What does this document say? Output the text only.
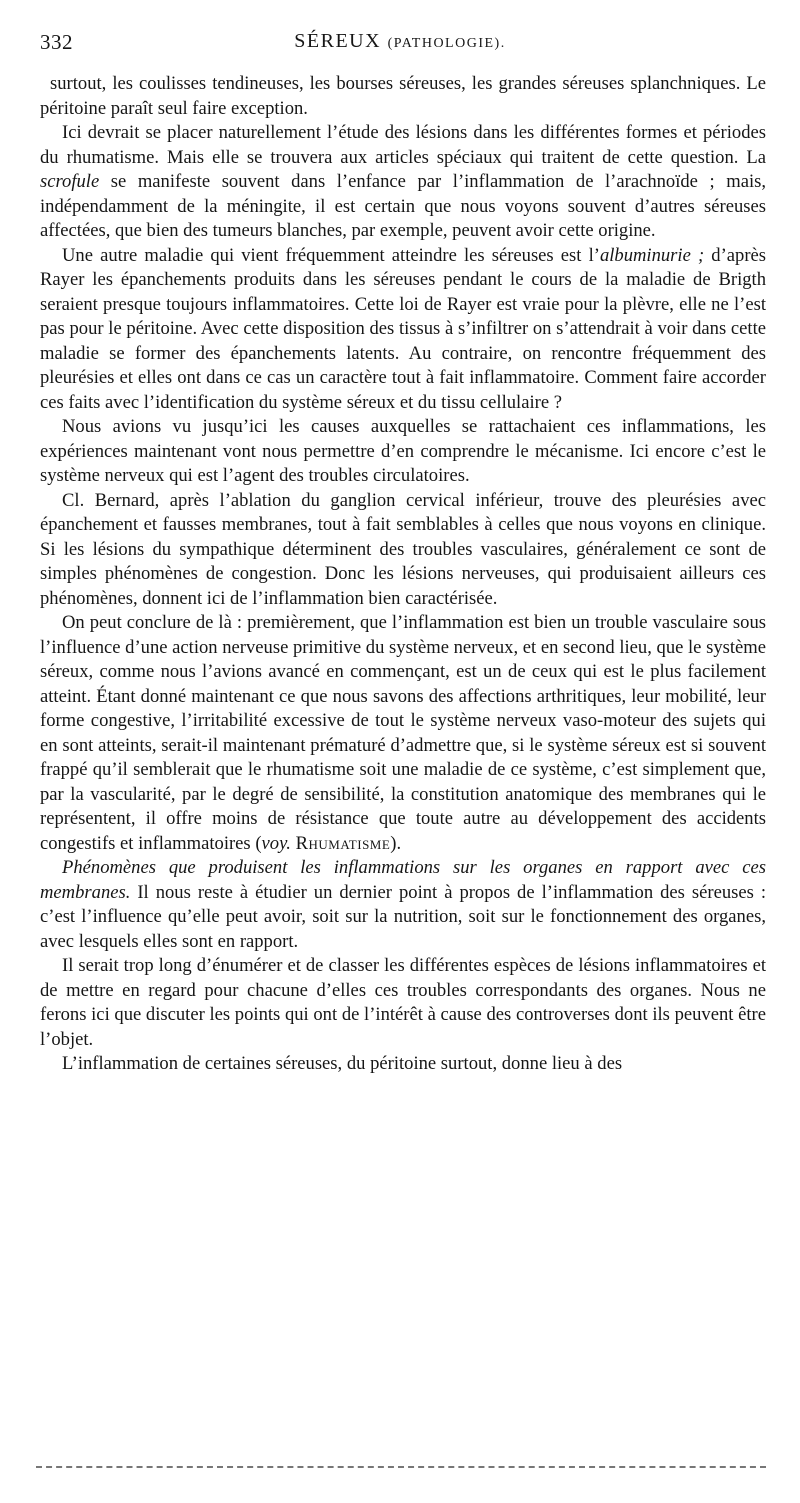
332	SÉREUX (PATHOLOGIE).

surtout, les coulisses tendineuses, les bourses séreuses, les grandes séreuses splanchniques. Le péritoine paraît seul faire exception.

Ici devrait se placer naturellement l’étude des lésions dans les différentes formes et périodes du rhumatisme. Mais elle se trouvera aux articles spéciaux qui traitent de cette question. La scrofule se manifeste souvent dans l’enfance par l’inflammation de l’arachnoïde ; mais, indépendamment de la méningite, il est certain que nous voyons souvent d’autres séreuses affectées, que bien des tumeurs blanches, par exemple, peuvent avoir cette origine.

Une autre maladie qui vient fréquemment atteindre les séreuses est l’albuminurie ; d’après Rayer les épanchements produits dans les séreuses pendant le cours de la maladie de Brigth seraient presque toujours inflammatoires. Cette loi de Rayer est vraie pour la plèvre, elle ne l’est pas pour le péritoine. Avec cette disposition des tissus à s’infiltrer on s’attendrait à voir dans cette maladie se former des épanchements latents. Au contraire, on rencontre fréquemment des pleurésies et elles ont dans ce cas un caractère tout à fait inflammatoire. Comment faire accorder ces faits avec l’identification du système séreux et du tissu cellulaire ?

Nous avions vu jusqu’ici les causes auxquelles se rattachaient ces inflammations, les expériences maintenant vont nous permettre d’en comprendre le mécanisme. Ici encore c’est le système nerveux qui est l’agent des troubles circulatoires.

Cl. Bernard, après l’ablation du ganglion cervical inférieur, trouve des pleurésies avec épanchement et fausses membranes, tout à fait semblables à celles que nous voyons en clinique. Si les lésions du sympathique déterminent des troubles vasculaires, généralement ce sont de simples phénomènes de congestion. Donc les lésions nerveuses, qui produisaient ailleurs ces phénomènes, donnent ici de l’inflammation bien caractérisée.

On peut conclure de là : premièrement, que l’inflammation est bien un trouble vasculaire sous l’influence d’une action nerveuse primitive du système nerveux, et en second lieu, que le système séreux, comme nous l’avions avancé en commençant, est un de ceux qui est le plus facilement atteint. Étant donné maintenant ce que nous savons des affections arthritiques, leur mobilité, leur forme congestive, l’irritabilité excessive de tout le système nerveux vaso-moteur des sujets qui en sont atteints, serait-il maintenant prématuré d’admettre que, si le système séreux est si souvent frappé qu’il semblerait que le rhumatisme soit une maladie de ce système, c’est simplement que, par la vascularité, par le degré de sensibilité, la constitution anatomique des membranes qui le représentent, il offre moins de résistance que toute autre au développement des accidents congestifs et inflammatoires (voy. Rhumatisme).

Phénomènes que produisent les inflammations sur les organes en rapport avec ces membranes. Il nous reste à étudier un dernier point à propos de l’inflammation des séreuses : c’est l’influence qu’elle peut avoir, soit sur la nutrition, soit sur le fonctionnement des organes, avec lesquels elles sont en rapport.

Il serait trop long d’énumérer et de classer les différentes espèces de lésions inflammatoires et de mettre en regard pour chacune d’elles ces troubles correspondants des organes. Nous ne ferons ici que discuter les points qui ont de l’intérêt à cause des controverses dont ils peuvent être l’objet.

L’inflammation de certaines séreuses, du péritoine surtout, donne lieu à des
